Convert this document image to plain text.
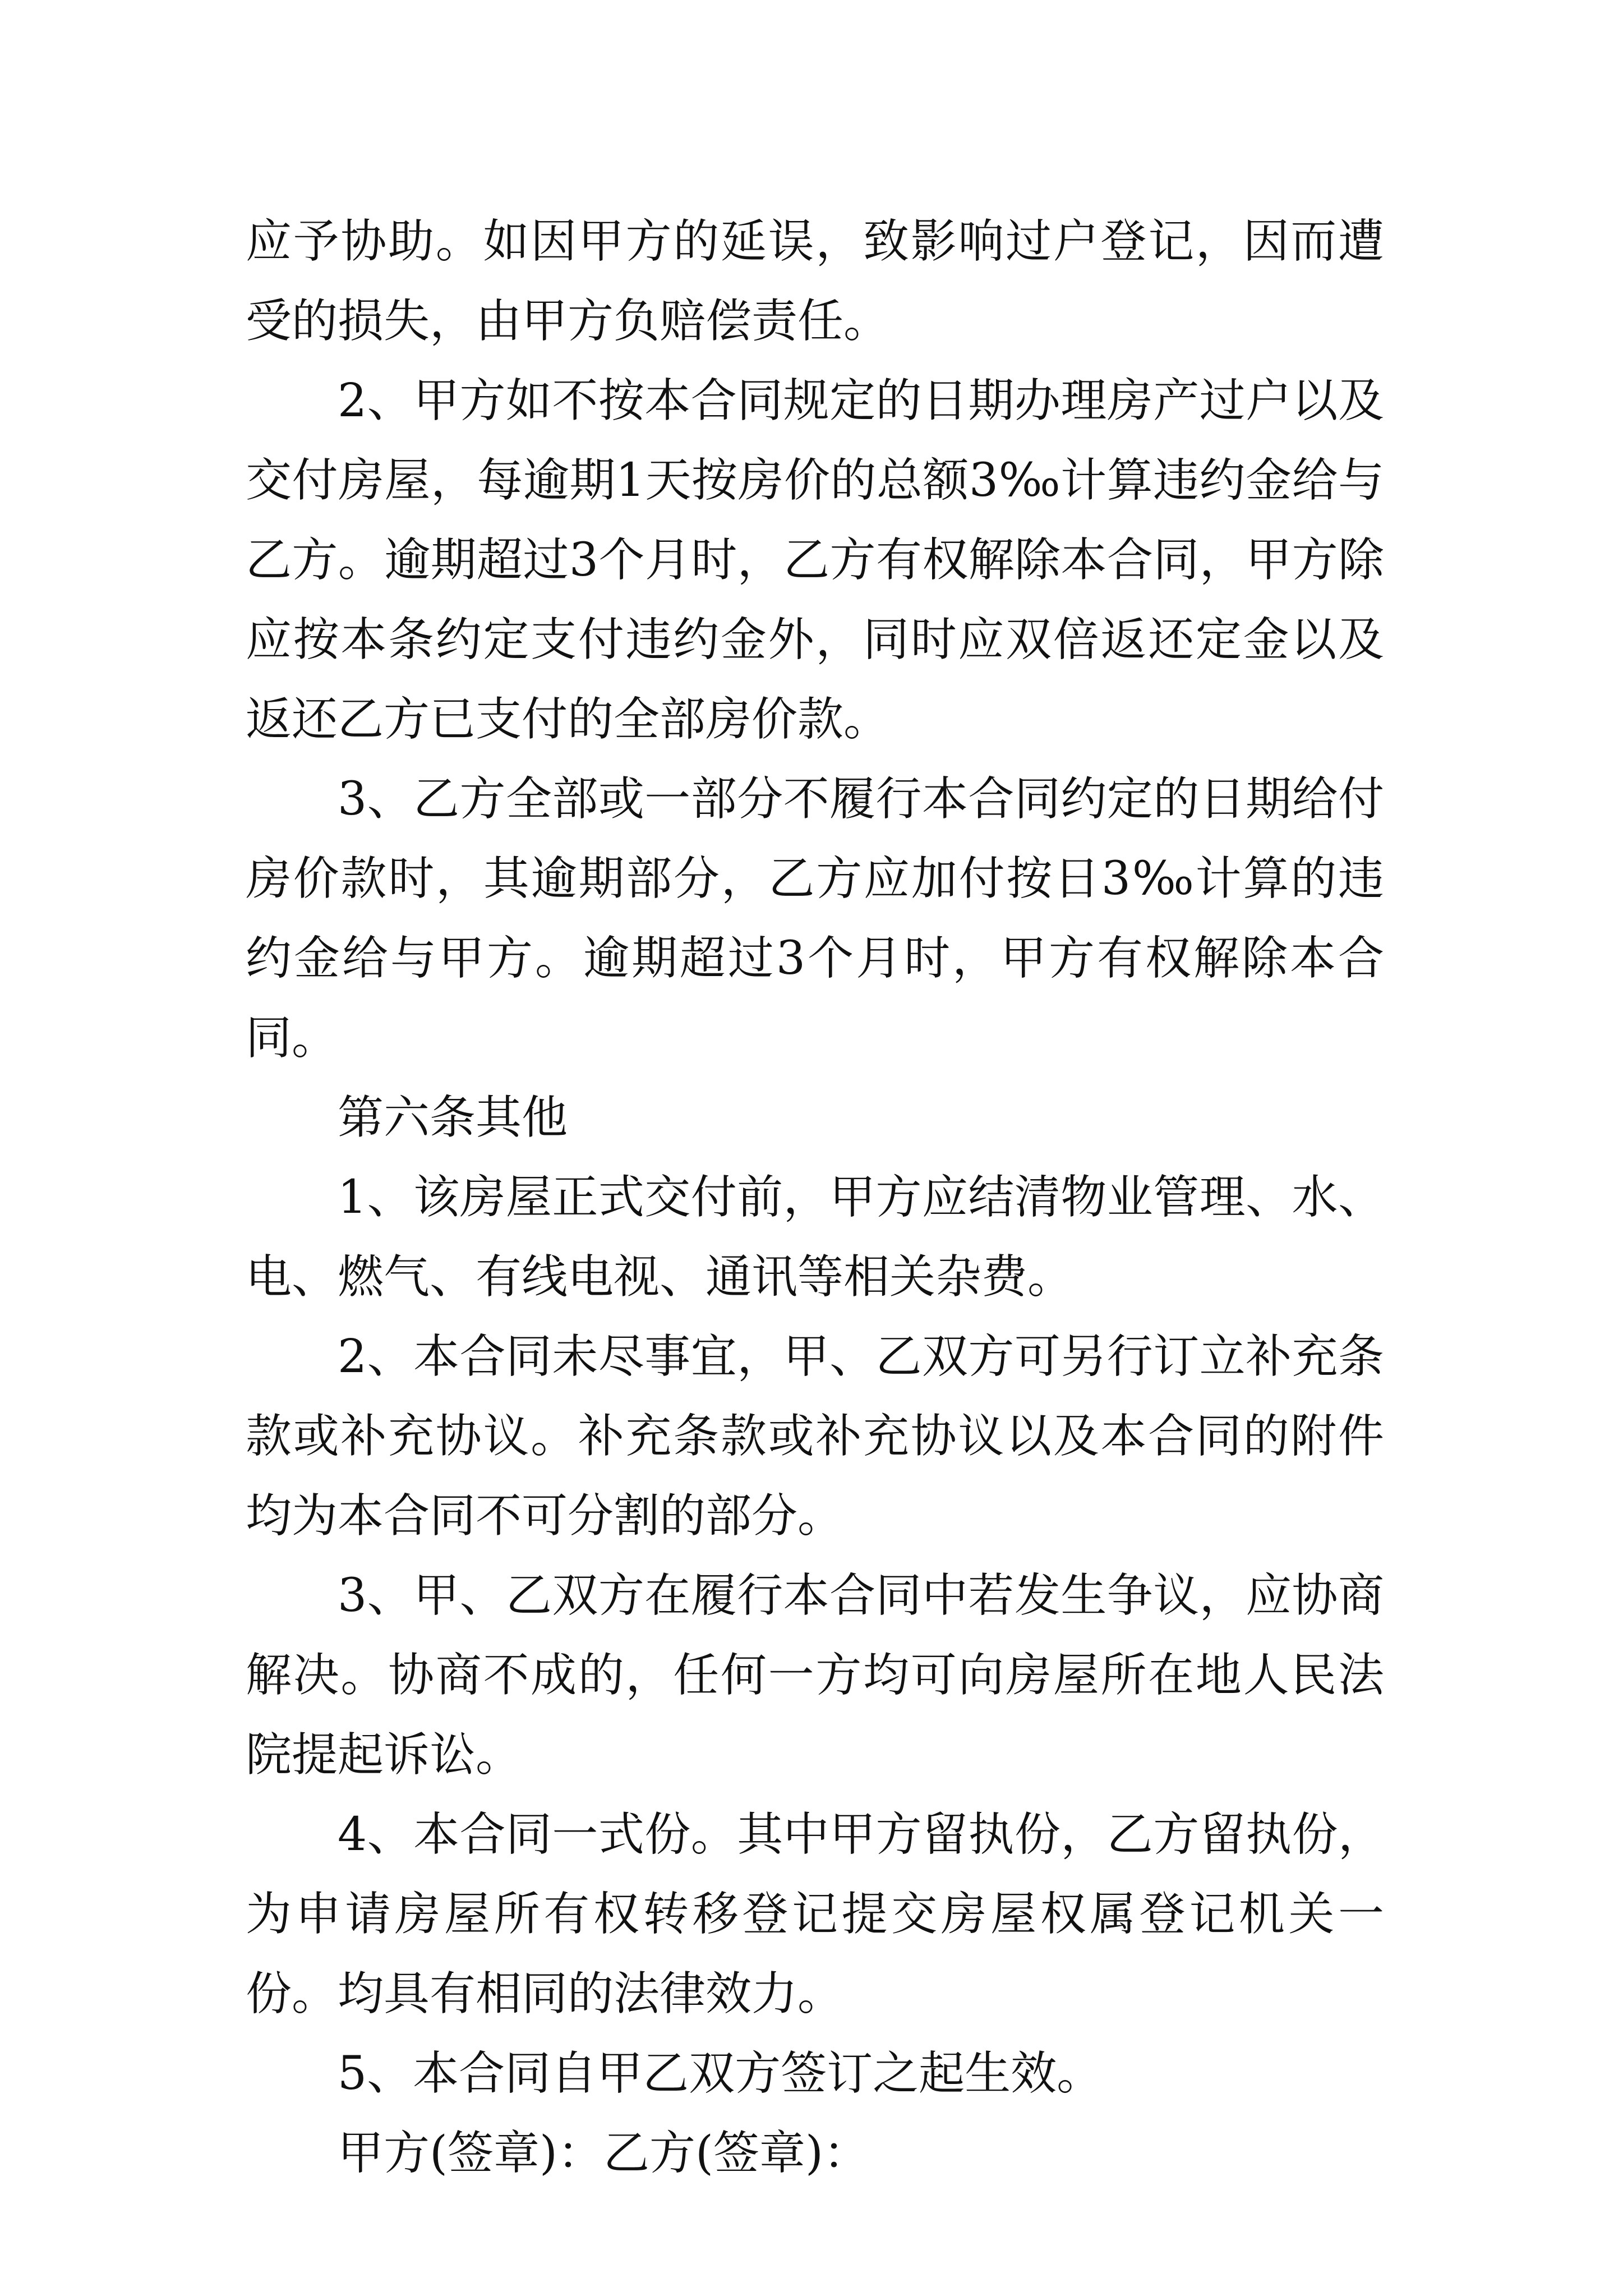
应予协助。如因甲方的延误，致影响过户登记，因而遭受的损失，由甲方负赔偿责任。

2、甲方如不按本合同规定的日期办理房产过户以及交付房屋，每逾期1天按房价的总额3‰计算违约金给与乙方。逾期超过3个月时，乙方有权解除本合同，甲方除应按本条约定支付违约金外，同时应双倍返还定金以及返还乙方已支付的全部房价款。

3、乙方全部或一部分不履行本合同约定的日期给付房价款时，其逾期部分，乙方应加付按日3‰计算的违约金给与甲方。逾期超过3个月时，甲方有权解除本合同。

第六条其他

1、该房屋正式交付前，甲方应结清物业管理、水、电、燃气、有线电视、通讯等相关杂费。

2、本合同未尽事宜，甲、乙双方可另行订立补充条款或补充协议。补充条款或补充协议以及本合同的附件均为本合同不可分割的部分。

3、甲、乙双方在履行本合同中若发生争议，应协商解决。协商不成的，任何一方均可向房屋所在地人民法院提起诉讼。

4、本合同一式份。其中甲方留执份，乙方留执份，为申请房屋所有权转移登记提交房屋权属登记机关一份。均具有相同的法律效力。

5、本合同自甲乙双方签订之起生效。

甲方(签章)：乙方(签章)：
